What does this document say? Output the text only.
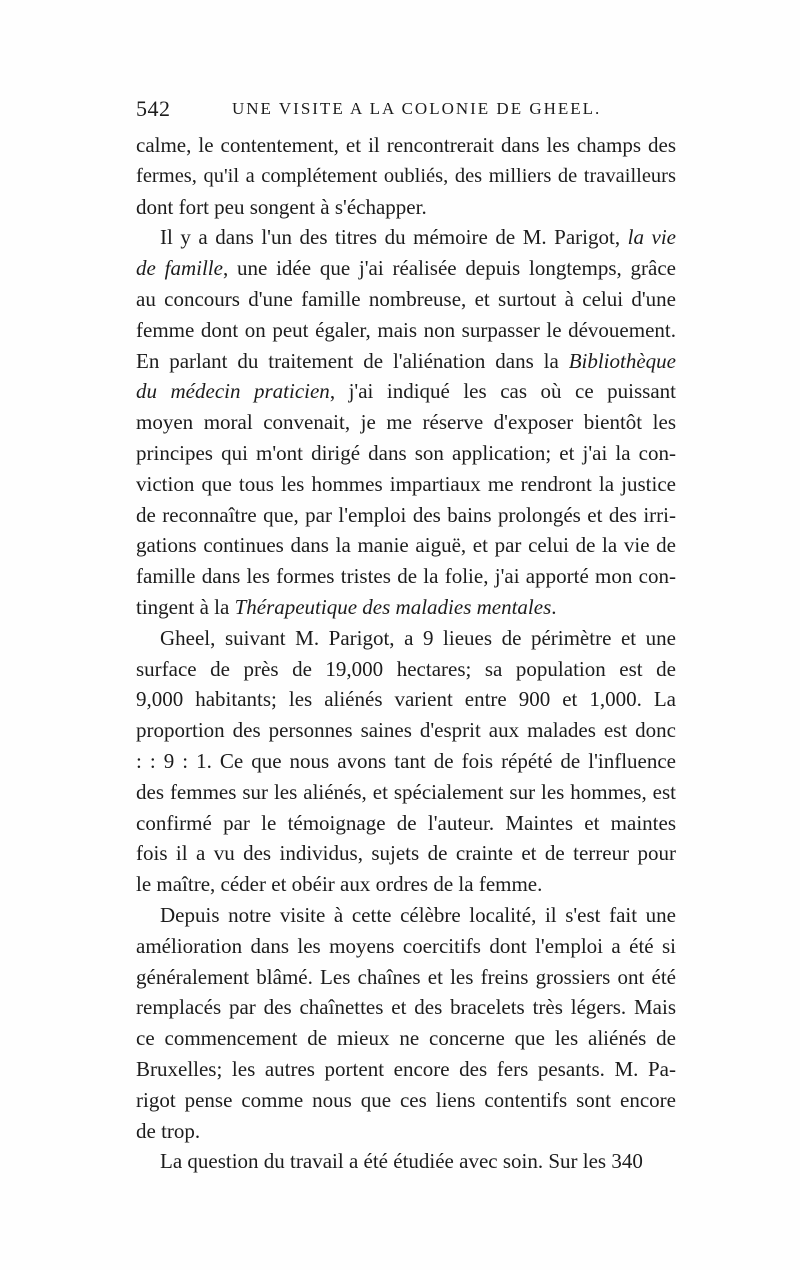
542	UNE VISITE A LA COLONIE DE GHEEL.
calme, le contentement, et il rencontrerait dans les champs des
fermes, qu'il a complétement oubliés, des milliers de travailleurs
dont fort peu songent à s'échapper.
Il y a dans l'un des titres du mémoire de M. Parigot, la vie
de famille, une idée que j'ai réalisée depuis longtemps, grâce
au concours d'une famille nombreuse, et surtout à celui d'une
femme dont on peut égaler, mais non surpasser le dévouement.
En parlant du traitement de l'aliénation dans la Bibliothèque
du médecin praticien, j'ai indiqué les cas où ce puissant
moyen moral convenait, je me réserve d'exposer bientôt les
principes qui m'ont dirigé dans son application; et j'ai la con-
viction que tous les hommes impartiaux me rendront la justice
de reconnaître que, par l'emploi des bains prolongés et des irri-
gations continues dans la manie aiguë, et par celui de la vie de
famille dans les formes tristes de la folie, j'ai apporté mon con-
tingent à la Thérapeutique des maladies mentales.
Gheel, suivant M. Parigot, a 9 lieues de périmètre et une
surface de près de 19,000 hectares; sa population est de
9,000 habitants; les aliénés varient entre 900 et 1,000. La
proportion des personnes saines d'esprit aux malades est donc
: : 9 : 1. Ce que nous avons tant de fois répété de l'influence
des femmes sur les aliénés, et spécialement sur les hommes, est
confirmé par le témoignage de l'auteur. Maintes et maintes
fois il a vu des individus, sujets de crainte et de terreur pour
le maître, céder et obéir aux ordres de la femme.
Depuis notre visite à cette célèbre localité, il s'est fait une
amélioration dans les moyens coercitifs dont l'emploi a été si
généralement blâmé. Les chaînes et les freins grossiers ont été
remplacés par des chaînettes et des bracelets très légers. Mais
ce commencement de mieux ne concerne que les aliénés de
Bruxelles; les autres portent encore des fers pesants. M. Pa-
rigot pense comme nous que ces liens contentifs sont encore
de trop.
La question du travail a été étudiée avec soin. Sur les 340
